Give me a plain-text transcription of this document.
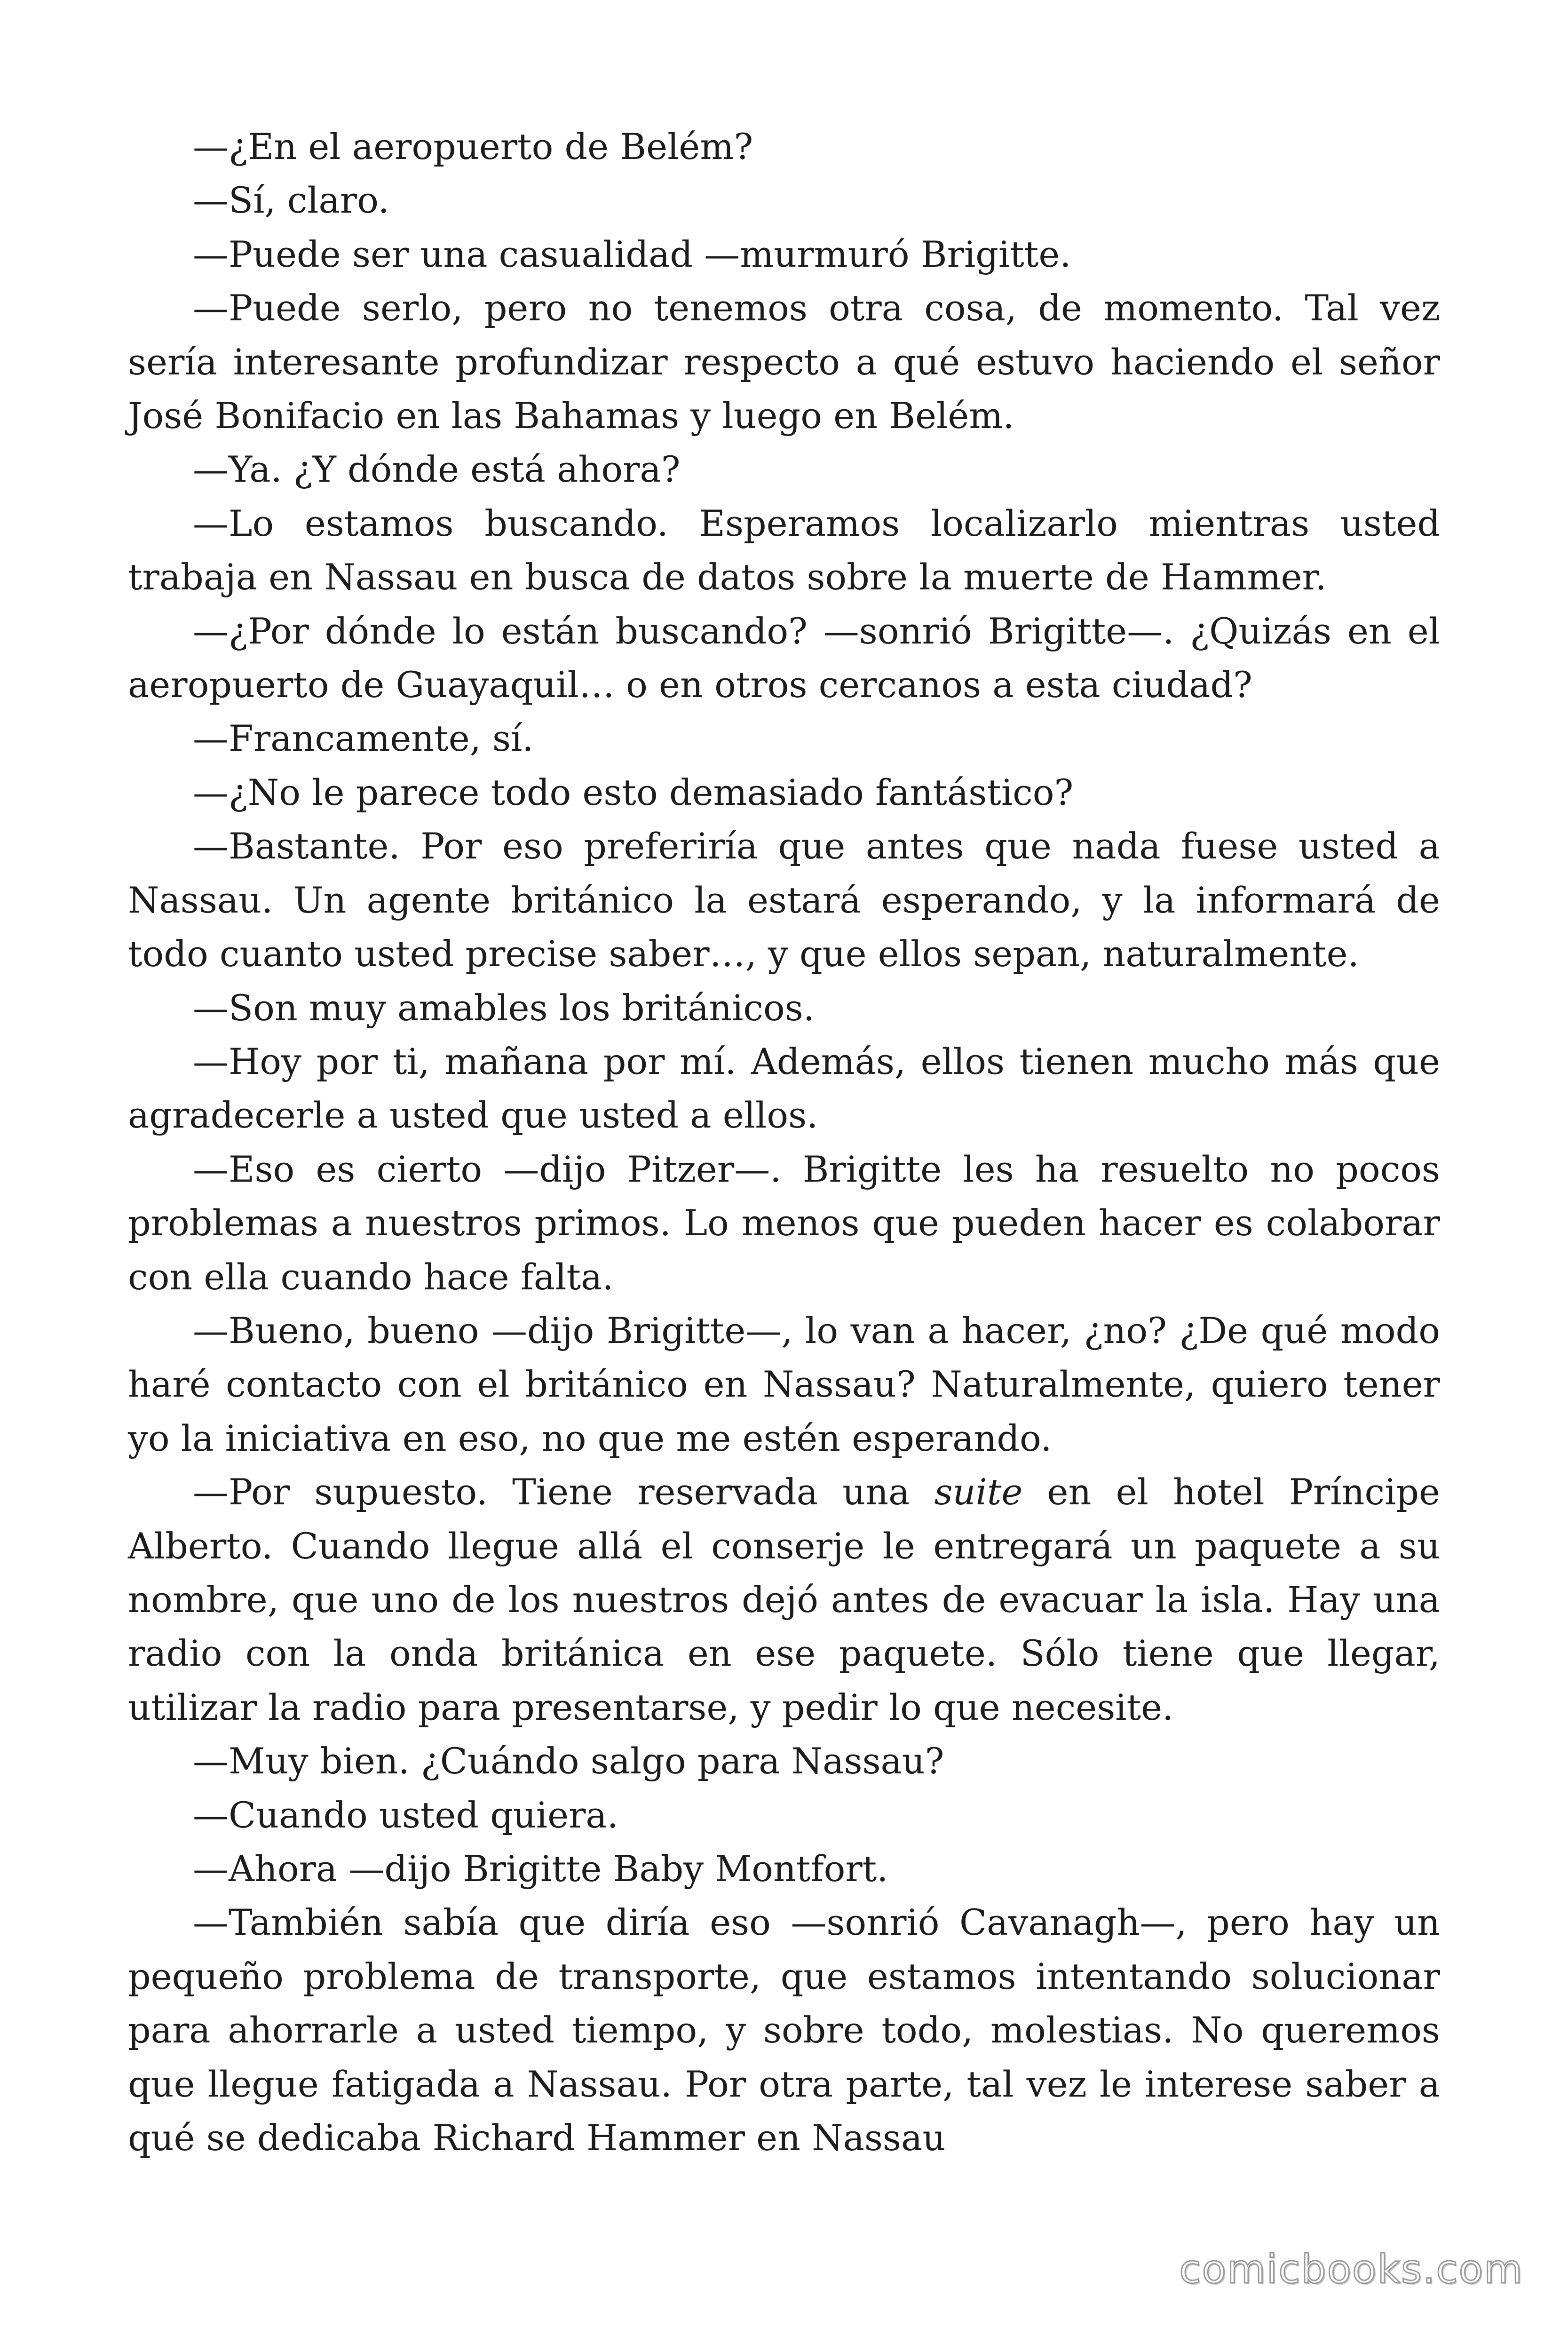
—¿En el aeropuerto de Belém?

—Sí, claro.

—Puede ser una casualidad —murmuró Brigitte.

—Puede serlo, pero no tenemos otra cosa, de momento. Tal vez sería interesante profundizar respecto a qué estuvo haciendo el señor José Bonifacio en las Bahamas y luego en Belém.

—Ya. ¿Y dónde está ahora?

—Lo estamos buscando. Esperamos localizarlo mientras usted trabaja en Nassau en busca de datos sobre la muerte de Hammer.

—¿Por dónde lo están buscando? —sonrió Brigitte—. ¿Quizás en el aeropuerto de Guayaquil… o en otros cercanos a esta ciudad?

—Francamente, sí.

—¿No le parece todo esto demasiado fantástico?

—Bastante. Por eso preferiría que antes que nada fuese usted a Nassau. Un agente británico la estará esperando, y la informará de todo cuanto usted precise saber…, y que ellos sepan, naturalmente.

—Son muy amables los británicos.

—Hoy por ti, mañana por mí. Además, ellos tienen mucho más que agradecerle a usted que usted a ellos.

—Eso es cierto —dijo Pitzer—. Brigitte les ha resuelto no pocos problemas a nuestros primos. Lo menos que pueden hacer es colaborar con ella cuando hace falta.

—Bueno, bueno —dijo Brigitte—, lo van a hacer, ¿no? ¿De qué modo haré contacto con el británico en Nassau? Naturalmente, quiero tener yo la iniciativa en eso, no que me estén esperando.

—Por supuesto. Tiene reservada una suite en el hotel Príncipe Alberto. Cuando llegue allá el conserje le entregará un paquete a su nombre, que uno de los nuestros dejó antes de evacuar la isla. Hay una radio con la onda británica en ese paquete. Sólo tiene que llegar, utilizar la radio para presentarse, y pedir lo que necesite.

—Muy bien. ¿Cuándo salgo para Nassau?

—Cuando usted quiera.

—Ahora —dijo Brigitte Baby Montfort.

—También sabía que diría eso —sonrió Cavanagh—, pero hay un pequeño problema de transporte, que estamos intentando solucionar para ahorrarle a usted tiempo, y sobre todo, molestias. No queremos que llegue fatigada a Nassau. Por otra parte, tal vez le interese saber a qué se dedicaba Richard Hammer en Nassau

comicbooks.com
